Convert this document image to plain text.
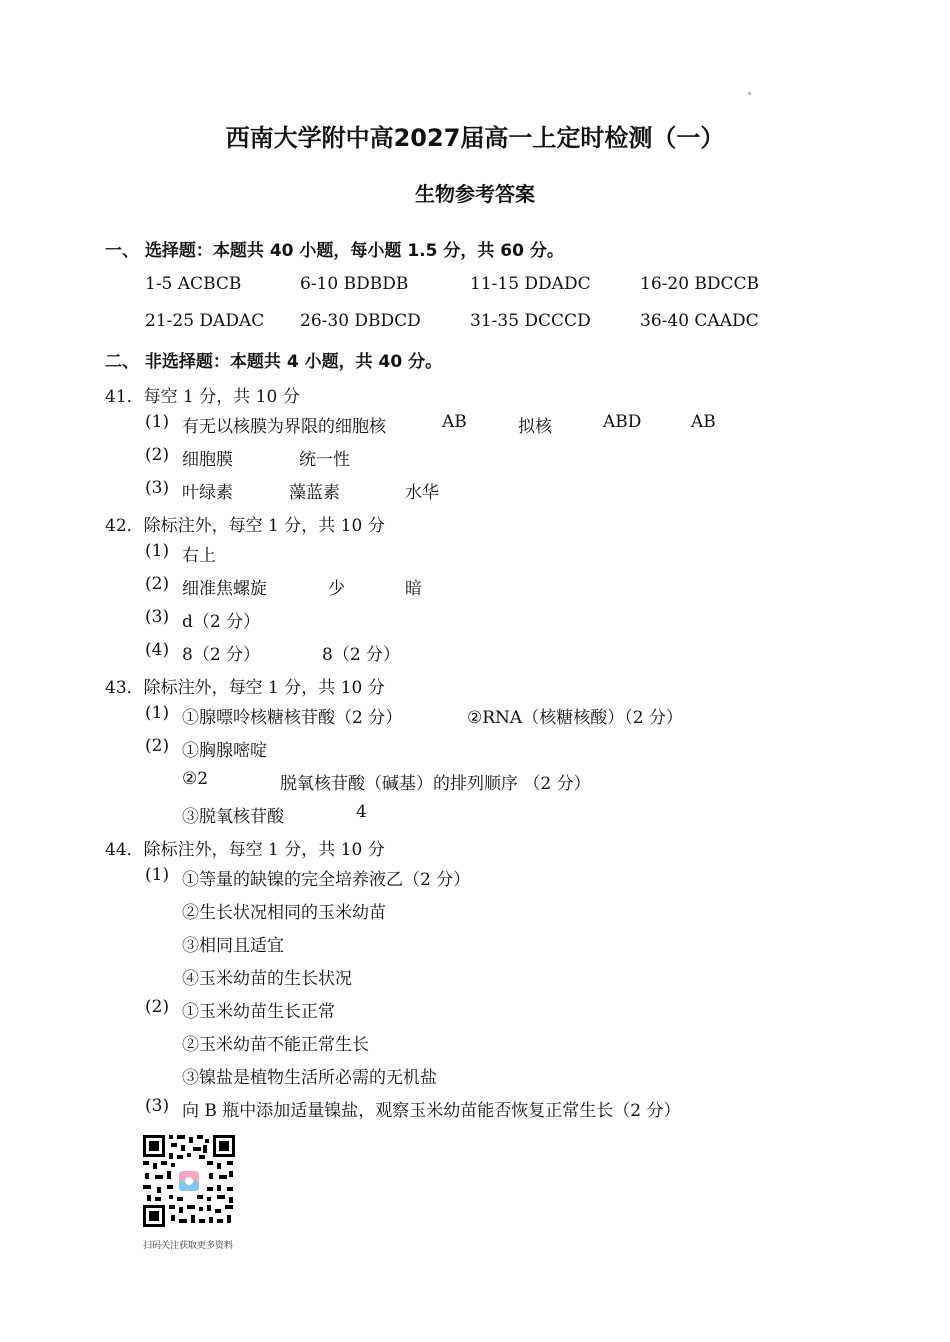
西南大学附中高2027届高一上定时检测（一）
生物参考答案
一、 选择题：本题共 40 小题，每小题 1.5 分，共 60 分。
1-5 ACBCB	6-10 BDBDB	11-15 DDADC	16-20 BDCCB
21-25 DADAC 26-30 DBDCD	31-35 DCCCD	36-40 CAADC
二、 非选择题：本题共 4 小题，共 40 分。
41．每空 1 分，共 10 分
(1) 有无以核膜为界限的细胞核	AB	拟核	ABD	AB
(2) 细胞膜	统一性
(3) 叶绿素	藻蓝素	水华
42．除标注外，每空 1 分，共 10 分
(1) 右上
(2) 细准焦螺旋	少	暗
(3) d（2 分）
(4) 8（2 分）	8（2 分）
43．除标注外，每空 1 分，共 10 分
(1) ①腺嘌呤核糖核苷酸（2 分）	②RNA（核糖核酸）（2 分）
(2) ①胸腺嘧啶
②2	脱氧核苷酸（碱基）的排列顺序 （2 分）
③脱氧核苷酸	4
44．除标注外，每空 1 分，共 10 分
(1) ①等量的缺镍的完全培养液乙（2 分）
②生长状况相同的玉米幼苗
③相同且适宜
④玉米幼苗的生长状况
(2) ①玉米幼苗生长正常
②玉米幼苗不能正常生长
③镍盐是植物生活所必需的无机盐
(3) 向 B 瓶中添加适量镍盐，观察玉米幼苗能否恢复正常生长（2 分）
扫码关注获取更多资料
